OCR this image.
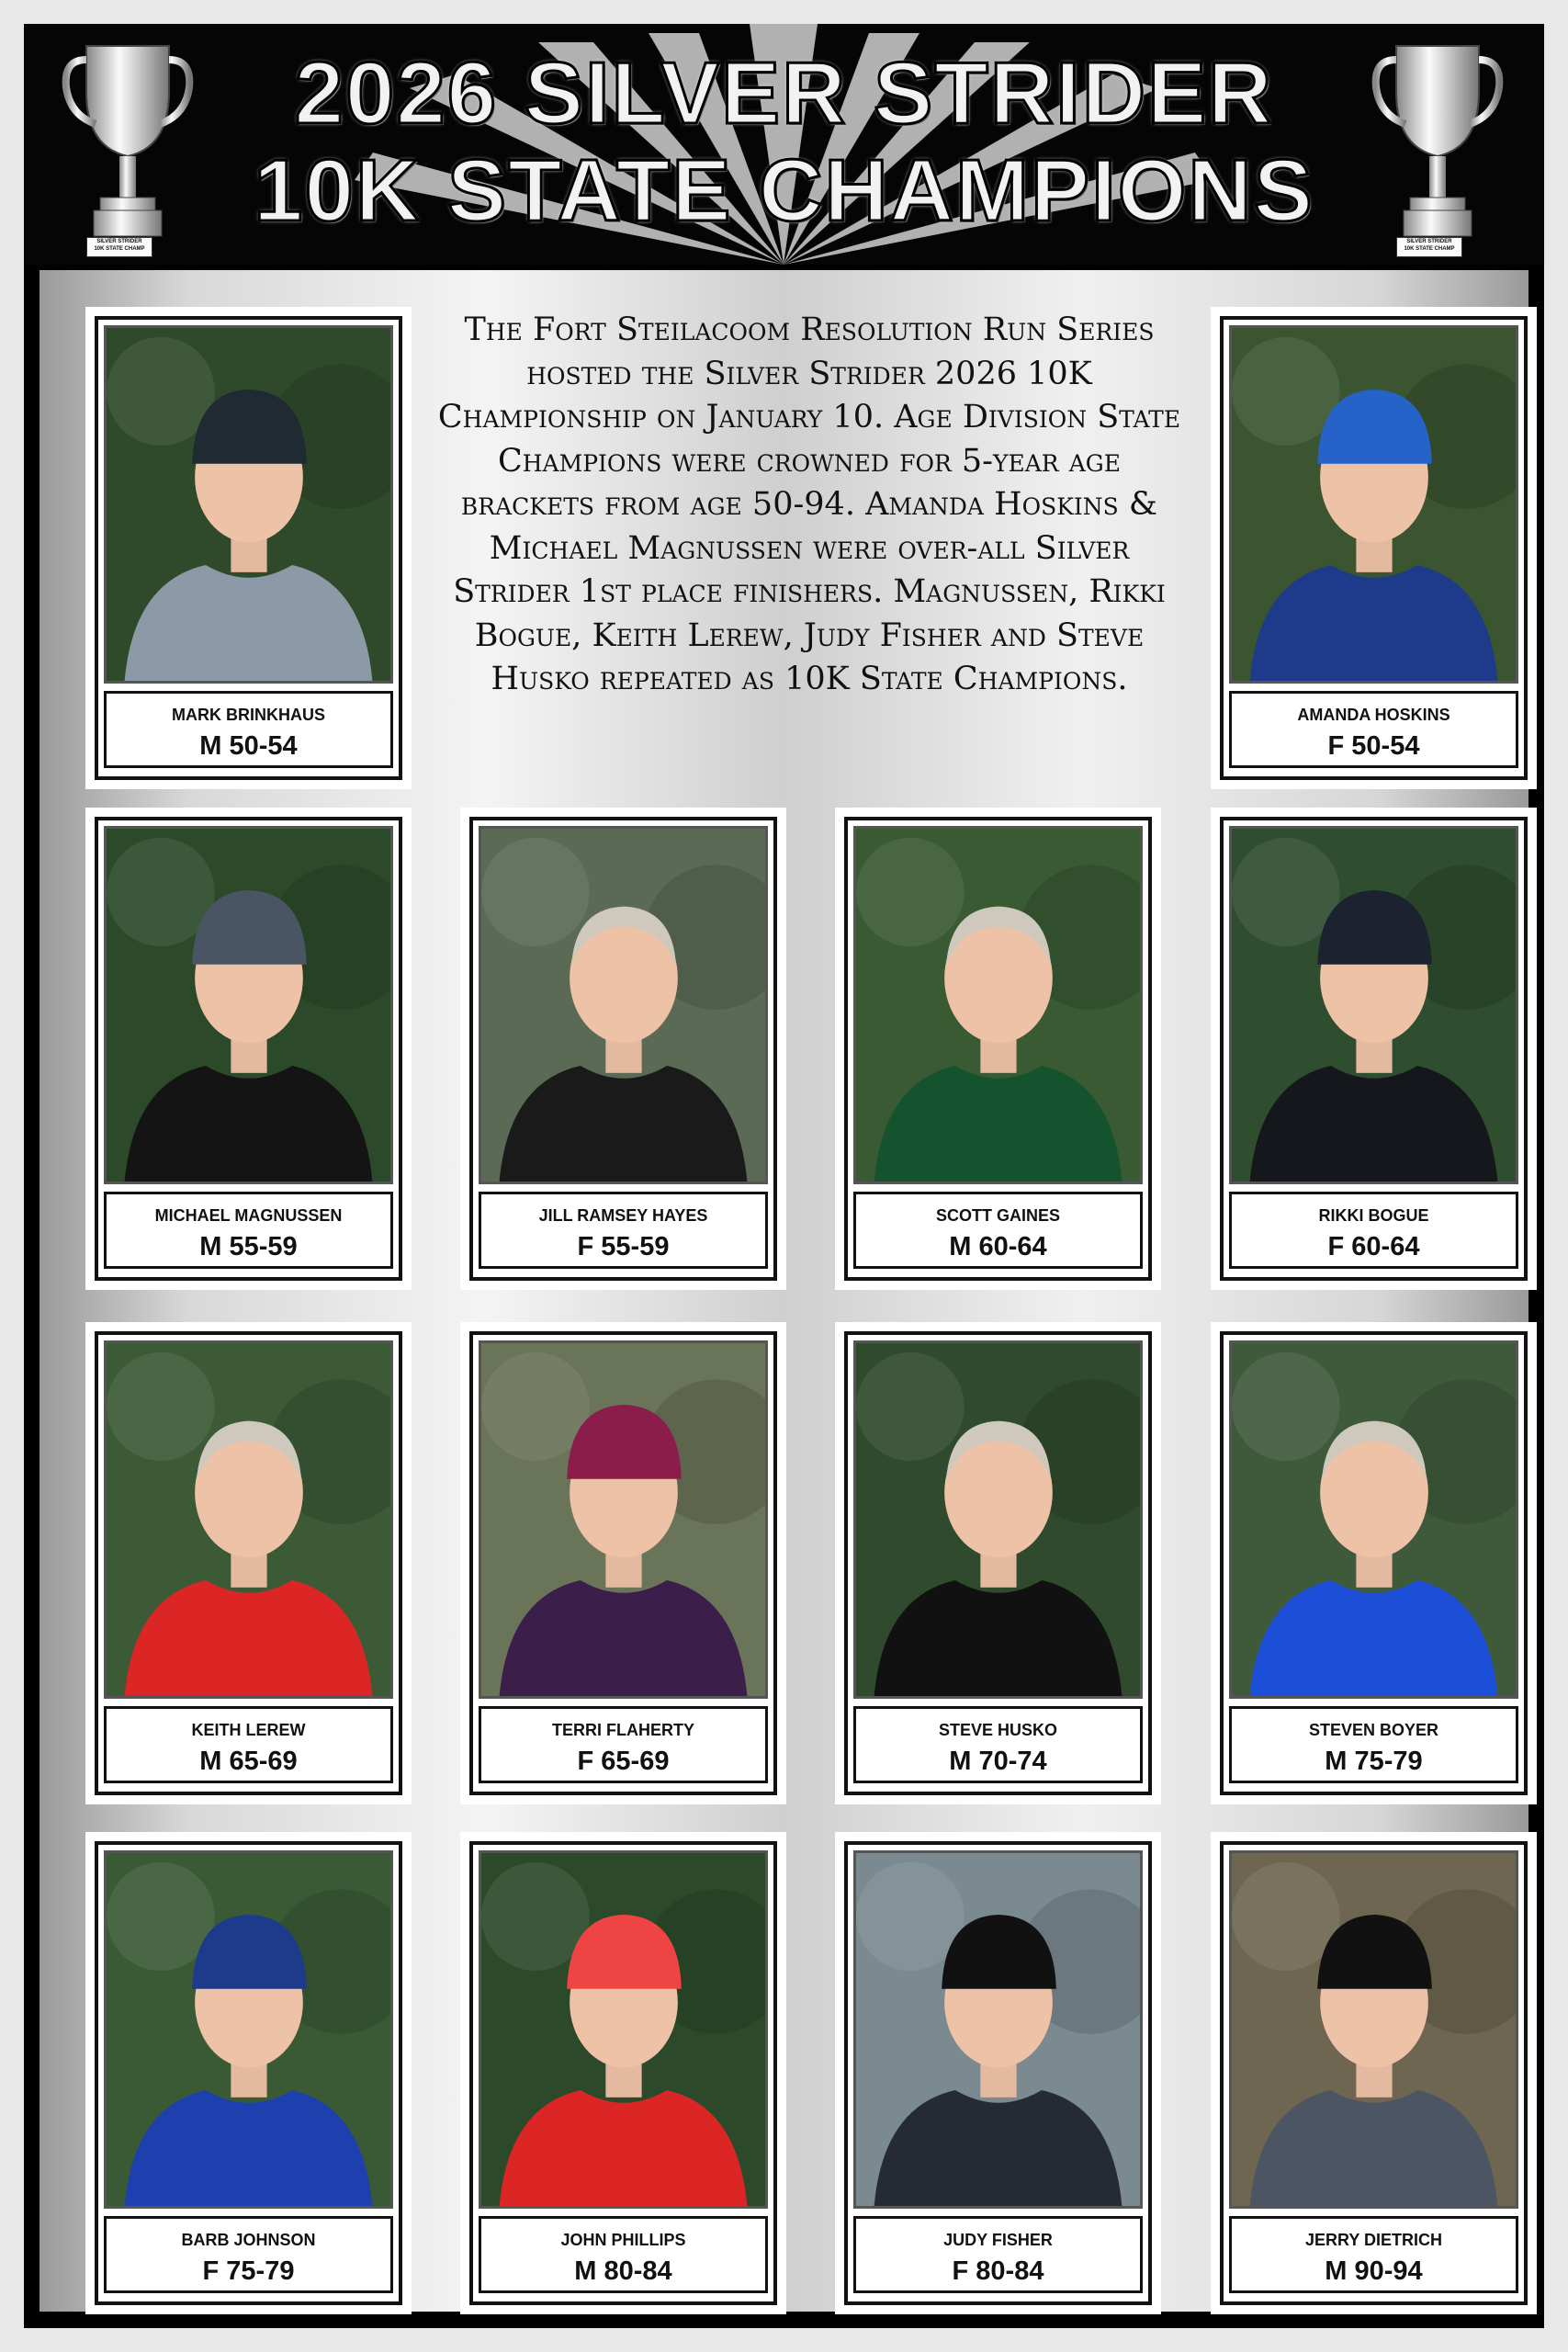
SILVER STRIDER
10K STATE CHAMP
SILVER STRIDER
10K STATE CHAMP
2026 SILVER STRIDER
10K STATE CHAMPIONS
The Fort Steilacoom Resolution Run Series hosted the Silver Strider 2026 10K Championship on January 10. Age Division State Champions were crowned for 5-year age brackets from age 50-94. Amanda Hoskins & Michael Magnussen were over-all Silver Strider 1st place finishers. Magnussen, Rikki Bogue, Keith Lerew, Judy Fisher and Steve Husko repeated as 10K State Champions.
MARK BRINKHAUS
M 50-54
AMANDA HOSKINS
F 50-54
MICHAEL MAGNUSSEN
M 55-59
JILL RAMSEY HAYES
F 55-59
SCOTT GAINES
M 60-64
RIKKI BOGUE
F 60-64
KEITH LEREW
M 65-69
TERRI FLAHERTY
F 65-69
STEVE HUSKO
M 70-74
STEVEN BOYER
M 75-79
BARB JOHNSON
F 75-79
JOHN PHILLIPS
M 80-84
JUDY FISHER
F 80-84
JERRY DIETRICH
M 90-94
